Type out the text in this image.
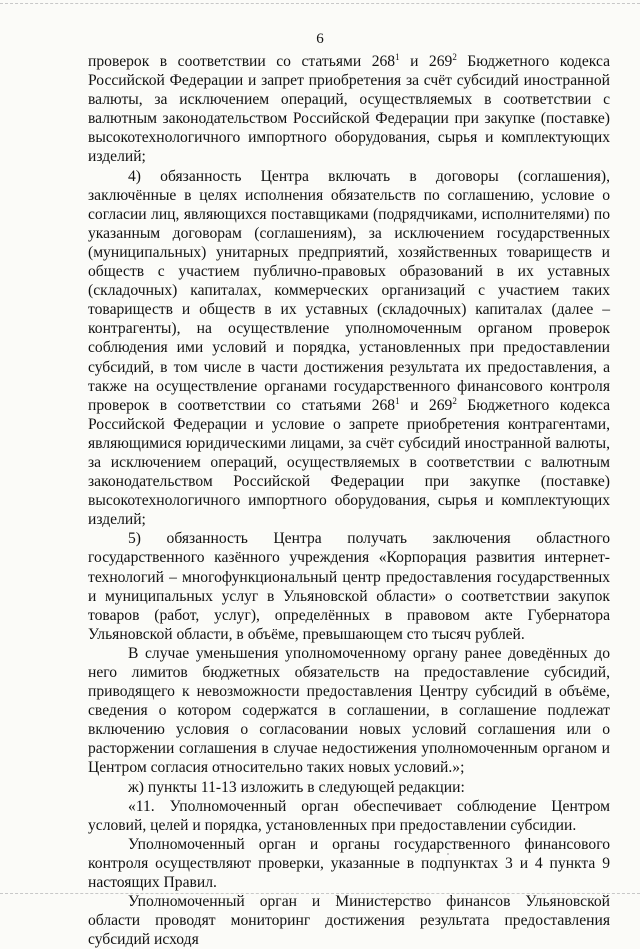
6

проверок в соответствии со статьями $268^1$ и $269^2$ Бюджетного кодекса Российской Федерации и запрет приобретения за счёт субсидий иностранной валюты, за исключением операций, осуществляемых в соответствии с валютным законодательством Российской Федерации при закупке (поставке) высокотехнологичного импортного оборудования, сырья и комплектующих изделий;

4) обязанность Центра включать в договоры (соглашения), заключённые в целях исполнения обязательств по соглашению, условие о согласии лиц, являющихся поставщиками (подрядчиками, исполнителями) по указанным договорам (соглашениям), за исключением государственных (муниципальных) унитарных предприятий, хозяйственных товариществ и обществ с участием публично-правовых образований в их уставных (складочных) капиталах, коммерческих организаций с участием таких товариществ и обществ в их уставных (складочных) капиталах (далее – контрагенты), на осуществление уполномоченным органом проверок соблюдения ими условий и порядка, установленных при предоставлении субсидий, в том числе в части достижения результата их предоставления, а также на осуществление органами государственного финансового контроля проверок в соответствии со статьями $268^1$ и $269^2$ Бюджетного кодекса Российской Федерации и условие о запрете приобретения контрагентами, являющимися юридическими лицами, за счёт субсидий иностранной валюты, за исключением операций, осуществляемых в соответствии с валютным законодательством Российской Федерации при закупке (поставке) высокотехнологичного импортного оборудования, сырья и комплектующих изделий;

5) обязанность Центра получать заключения областного государственного казённого учреждения «Корпорация развития интернет-технологий – многофункциональный центр предоставления государственных и муниципальных услуг в Ульяновской области» о соответствии закупок товаров (работ, услуг), определённых в правовом акте Губернатора Ульяновской области, в объёме, превышающем сто тысяч рублей.

В случае уменьшения уполномоченному органу ранее доведённых до него лимитов бюджетных обязательств на предоставление субсидий, приводящего к невозможности предоставления Центру субсидий в объёме, сведения о котором содержатся в соглашении, в соглашение подлежат включению условия о согласовании новых условий соглашения или о расторжении соглашения в случае недостижения уполномоченным органом и Центром согласия относительно таких новых условий.»;

ж) пункты 11-13 изложить в следующей редакции:

«11. Уполномоченный орган обеспечивает соблюдение Центром условий, целей и порядка, установленных при предоставлении субсидии.

Уполномоченный орган и органы государственного финансового контроля осуществляют проверки, указанные в подпунктах 3 и 4 пункта 9 настоящих Правил.

Уполномоченный орган и Министерство финансов Ульяновской области проводят мониторинг достижения результата предоставления субсидий исходя
